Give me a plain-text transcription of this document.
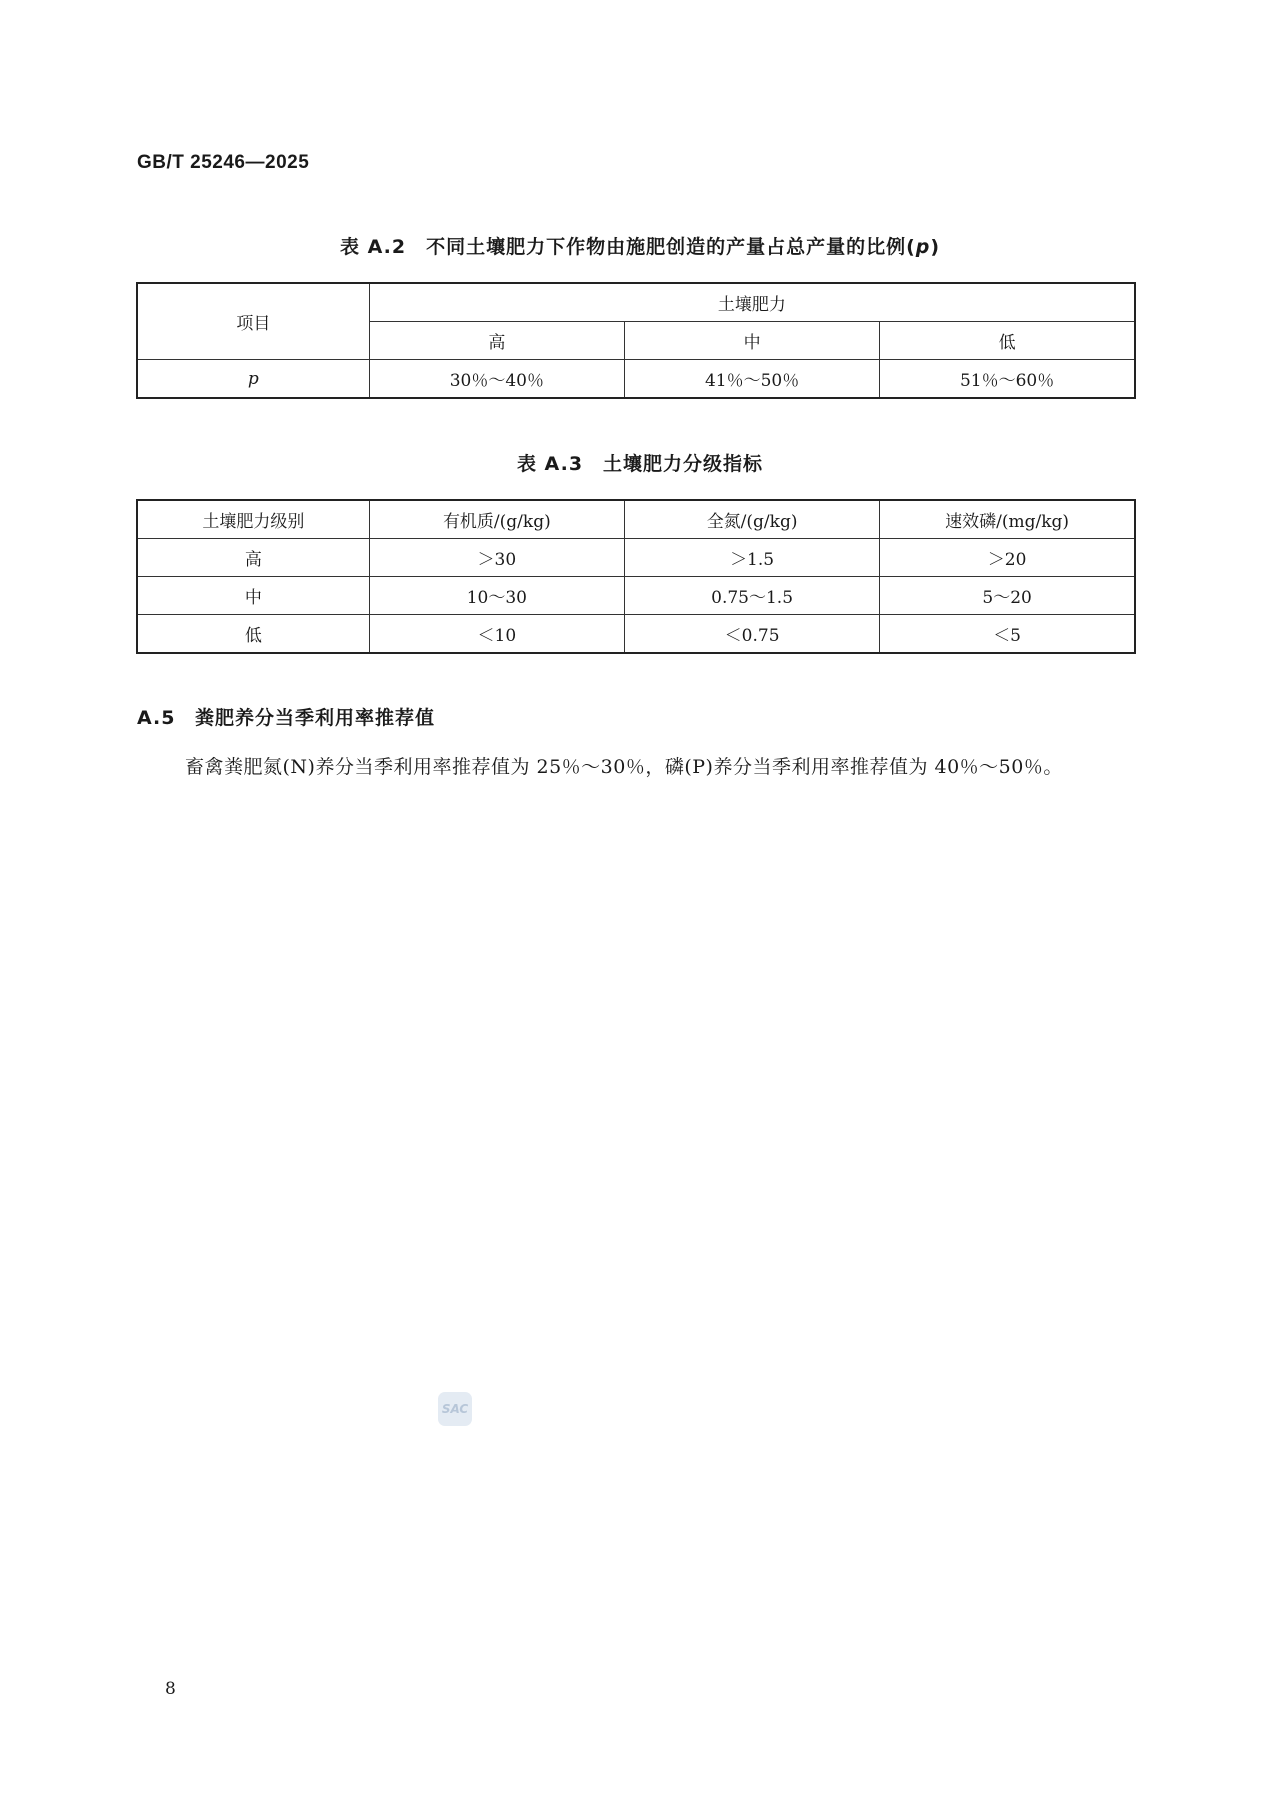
GB/T 25246—2025
表 A.2　不同土壤肥力下作物由施肥创造的产量占总产量的比例(p)
项目	土壤肥力		
	高	中	低
p	30％～40％	41％～50％	51％～60％
表 A.3　土壤肥力分级指标
土壤肥力级别	有机质/(g/kg)	全氮/(g/kg)	速效磷/(mg/kg)
高	＞30	＞1.5	＞20
中	10～30	0.75～1.5	5～20
低	＜10	＜0.75	＜5
A.5 粪肥养分当季利用率推荐值
畜禽粪肥氮(N)养分当季利用率推荐值为 25％～30％，磷(P)养分当季利用率推荐值为 40％～50％。
SAC
8
